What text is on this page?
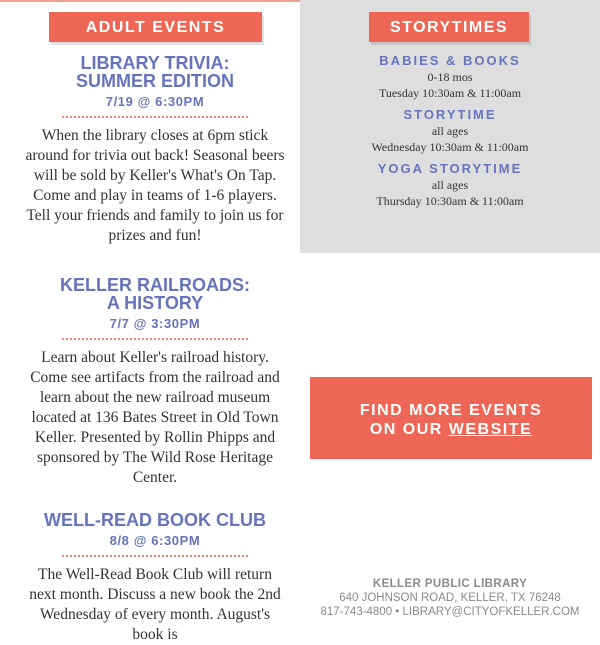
ADULT EVENTS
LIBRARY TRIVIA:
SUMMER EDITION
7/19 @ 6:30PM
When the library closes at 6pm stick around for trivia out back! Seasonal beers will be sold by Keller's What's On Tap. Come and play in teams of 1-6 players. Tell your friends and family to join us for prizes and fun!
KELLER RAILROADS:
A HISTORY
7/7 @ 3:30PM
Learn about Keller's railroad history. Come see artifacts from the railroad and learn about the new railroad museum located at 136 Bates Street in Old Town Keller. Presented by Rollin Phipps and sponsored by The Wild Rose Heritage Center.
WELL-READ BOOK CLUB
8/8 @ 6:30PM
The Well-Read Book Club will return next month. Discuss a new book the 2nd Wednesday of every month. August's book is
STORYTIMES
BABIES & BOOKS
0-18 mos
Tuesday 10:30am & 11:00am
STORYTIME
all ages
Wednesday 10:30am & 11:00am
YOGA STORYTIME
all ages
Thursday 10:30am & 11:00am
FIND MORE EVENTS
ON OUR WEBSITE
KELLER PUBLIC LIBRARY
640 JOHNSON ROAD, KELLER, TX 76248
817-743-4800 • LIBRARY@CITYOFKELLER.COM
